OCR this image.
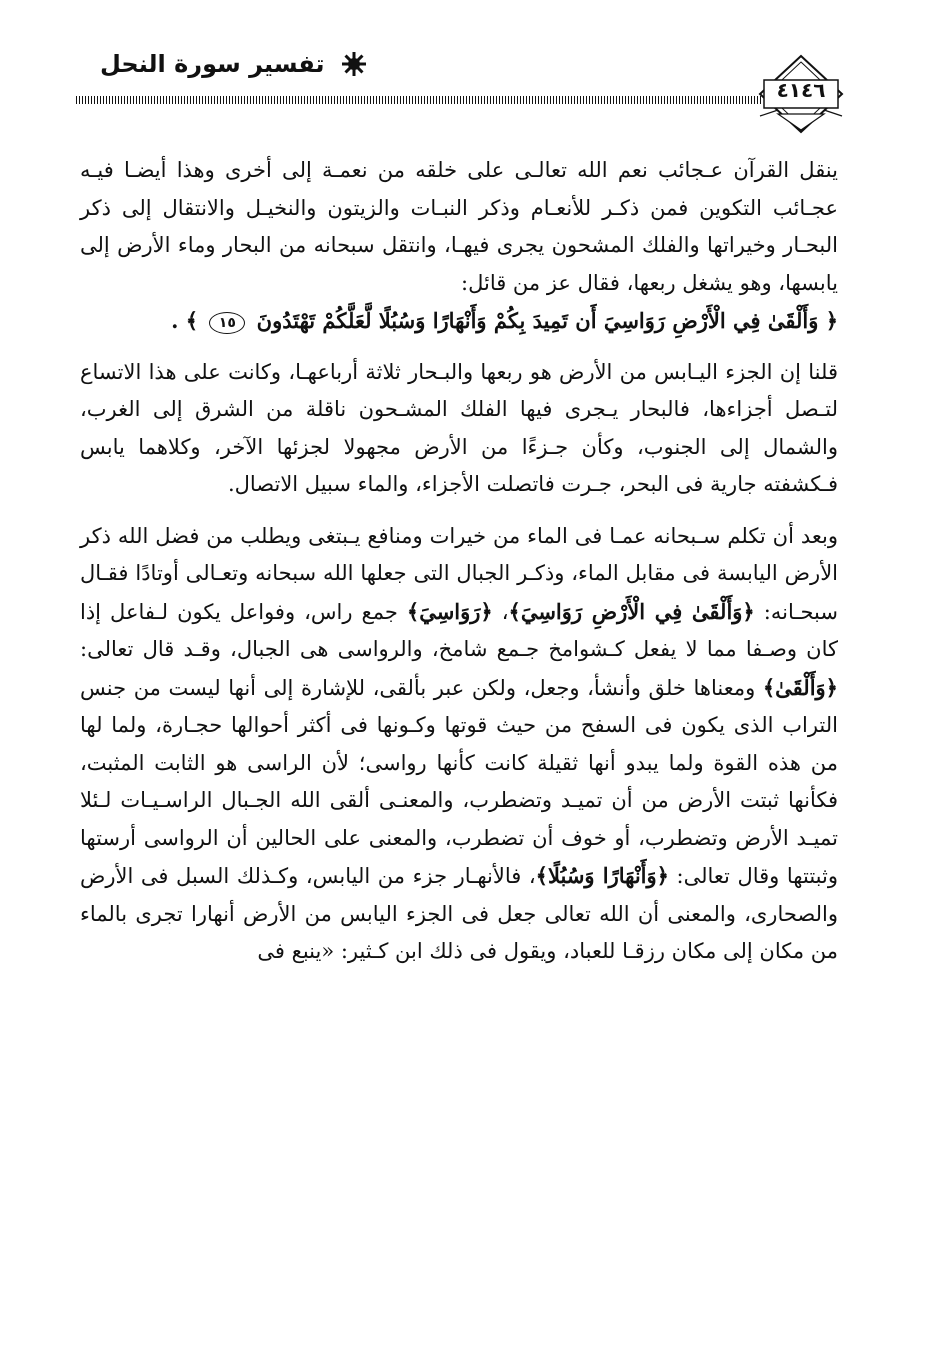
تفسير سورة النحل
٤١٤٦

ينقل القرآن عـجائب نعم الله تعالـى على خلقه من نعمـة إلى أخرى وهذا أيضـا فيـه عجـائب التكوين فمن ذكـر للأنعـام وذكر النبـات والزيتون والنخيـل والانتقال إلى ذكر البحـار وخيراتها والفلك المشحون يجرى فيهـا، وانتقل سبحانه من البحار وماء الأرض إلى يابسها، وهو يشغل ربعها، فقال عز من قائل:

﴿ وَأَلْقَىٰ فِي الْأَرْضِ رَوَاسِيَ أَن تَمِيدَ بِكُمْ وَأَنْهَارًا وَسُبُلًا لَّعَلَّكُمْ تَهْتَدُونَ ١٥ ﴾ .

قلنا إن الجزء اليـابس من الأرض هو ربعها والبـحار ثلاثة أرباعهـا، وكانت على هذا الاتساع لتـصل أجزاءها، فالبحار يـجرى فيها الفلك المشـحون ناقلة من الشرق إلى الغرب، والشمال إلى الجنوب، وكأن جـزءًا من الأرض مجهولا لجزئها الآخر، وكلاهما يابس فـكشفته جارية فى البحر، جـرت فاتصلت الأجزاء، والماء سبيل الاتصال.

وبعد أن تكلم سـبحانه عمـا فى الماء من خيرات ومنافع يـبتغى ويطلب من فضل الله ذكر الأرض اليابسة فى مقابل الماء، وذكـر الجبال التى جعلها الله سبحانه وتعـالى أوتادًا فقـال سبحـانه: ﴿وَأَلْقَىٰ فِي الْأَرْضِ رَوَاسِيَ﴾، ﴿رَوَاسِيَ﴾ جمع راس، وفواعل يكون لـفاعل إذا كان وصـفا مما لا يفعل كـشوامخ جـمع شامخ، والرواسى هى الجبال، وقـد قال تعالى: ﴿وَأَلْقَىٰ﴾ ومعناها خلق وأنشأ، وجعل، ولكن عبر بألقى، للإشارة إلى أنها ليست من جنس التراب الذى يكون فى السفح من حيث قوتها وكـونها فى أكثر أحوالها حجـارة، ولما لها من هذه القوة ولما يبدو أنها ثقيلة كانت كأنها رواسى؛ لأن الراسى هو الثابت المثبت، فكأنها ثبتت الأرض من أن تميـد وتضطرب، والمعنـى ألقى الله الجـبال الراسـيـات لـئلا تميـد الأرض وتضطرب، أو خوف أن تضطرب، والمعنى على الحالين أن الرواسى أرستها وثبتتها وقال تعالى: ﴿وَأَنْهَارًا وَسُبُلًا﴾، فالأنهـار جزء من اليابس، وكـذلك السبل فى الأرض والصحارى، والمعنى أن الله تعالى جعل فى الجزء اليابس من الأرض أنهارا تجرى بالماء من مكان إلى مكان رزقـا للعباد، ويقول فى ذلك ابن كـثير: «ينبع فى
